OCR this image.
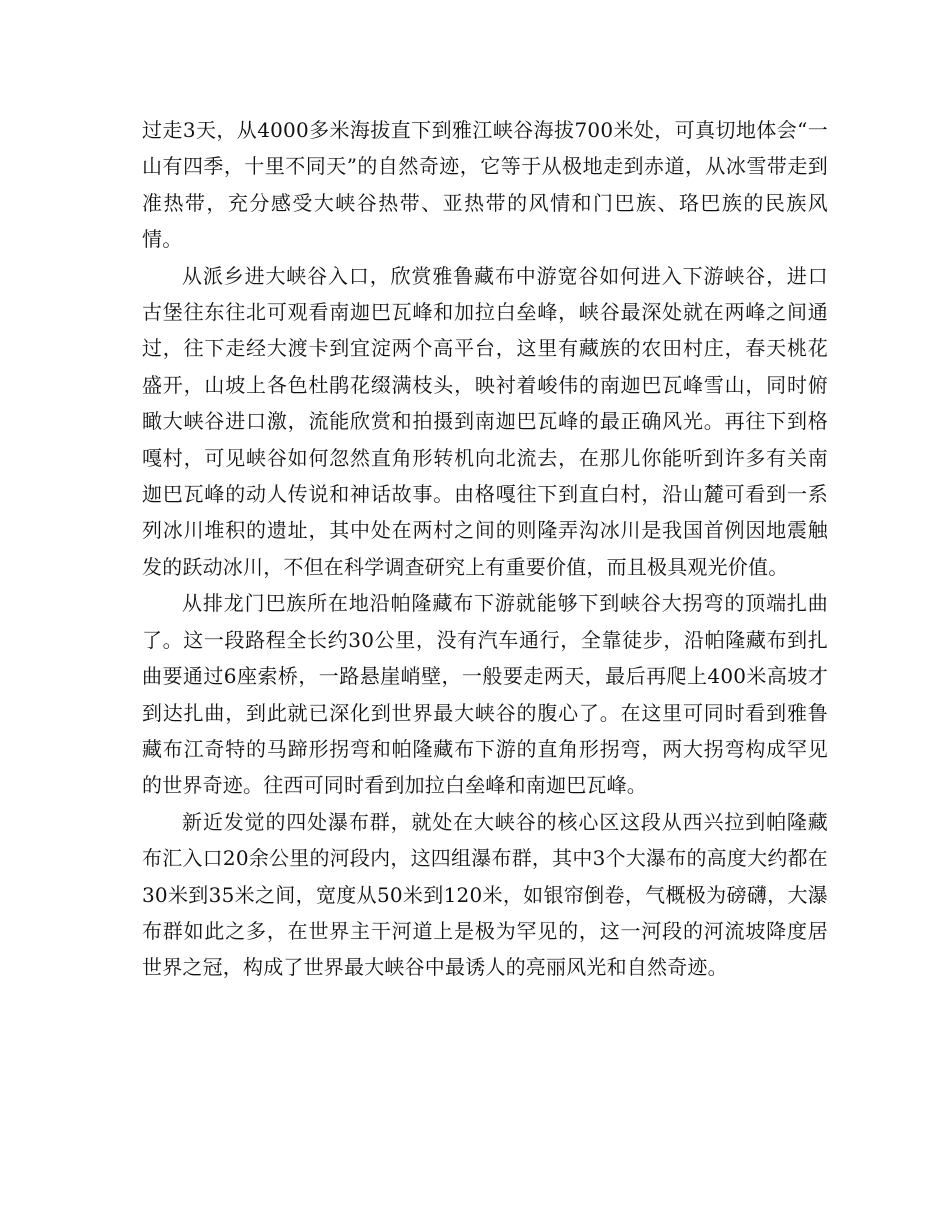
过走3天，从4000多米海拔直下到雅江峡谷海拔700米处，可真切地体会“一山有四季，十里不同天”的自然奇迹，它等于从极地走到赤道，从冰雪带走到准热带，充分感受大峡谷热带、亚热带的风情和门巴族、珞巴族的民族风情。

从派乡进大峡谷入口，欣赏雅鲁藏布中游宽谷如何进入下游峡谷，进口古堡往东往北可观看南迦巴瓦峰和加拉白垒峰，峡谷最深处就在两峰之间通过，往下走经大渡卡到宜淀两个高平台，这里有藏族的农田村庄，春天桃花盛开，山坡上各色杜鹃花缀满枝头，映衬着峻伟的南迦巴瓦峰雪山，同时俯瞰大峡谷进口激，流能欣赏和拍摄到南迦巴瓦峰的最正确风光。再往下到格嘎村，可见峡谷如何忽然直角形转机向北流去，在那儿你能听到许多有关南迦巴瓦峰的动人传说和神话故事。由格嘎往下到直白村，沿山麓可看到一系列冰川堆积的遗址，其中处在两村之间的则隆弄沟冰川是我国首例因地震触发的跃动冰川，不但在科学调查研究上有重要价值，而且极具观光价值。

从排龙门巴族所在地沿帕隆藏布下游就能够下到峡谷大拐弯的顶端扎曲了。这一段路程全长约30公里，没有汽车通行，全靠徒步，沿帕隆藏布到扎曲要通过6座索桥，一路悬崖峭壁，一般要走两天，最后再爬上400米高坡才到达扎曲，到此就已深化到世界最大峡谷的腹心了。在这里可同时看到雅鲁藏布江奇特的马蹄形拐弯和帕隆藏布下游的直角形拐弯，两大拐弯构成罕见的世界奇迹。往西可同时看到加拉白垒峰和南迦巴瓦峰。

新近发觉的四处瀑布群，就处在大峡谷的核心区这段从西兴拉到帕隆藏布汇入口20余公里的河段内，这四组瀑布群，其中3个大瀑布的高度大约都在30米到35米之间，宽度从50米到120米，如银帘倒卷，气概极为磅礴，大瀑布群如此之多，在世界主干河道上是极为罕见的，这一河段的河流坡降度居世界之冠，构成了世界最大峡谷中最诱人的亮丽风光和自然奇迹。
